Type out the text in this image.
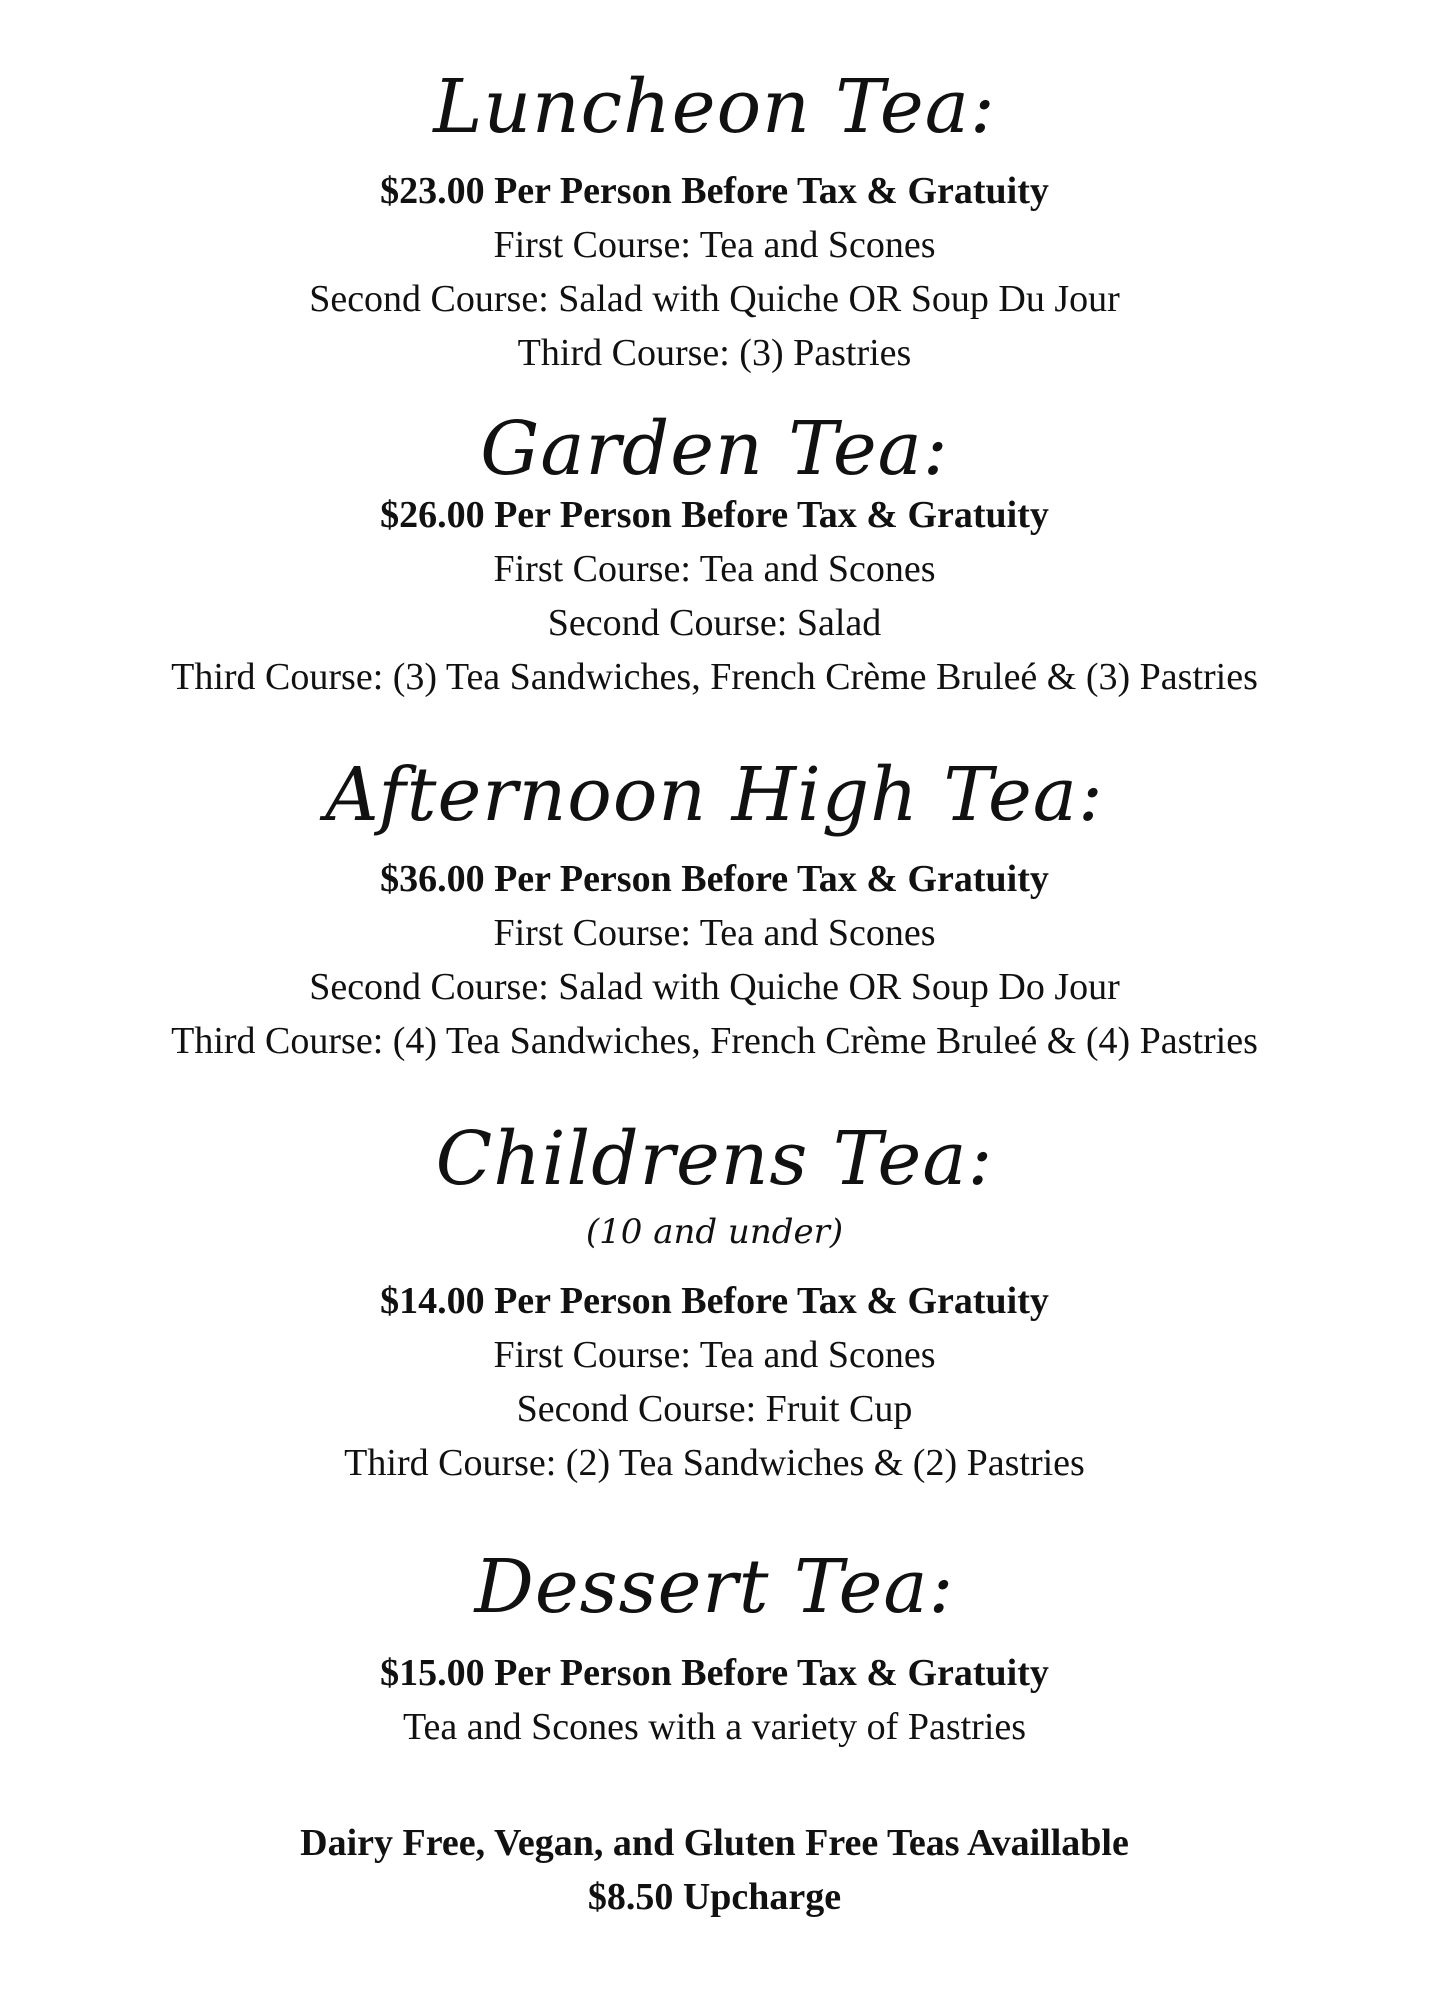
Luncheon Tea:
$23.00 Per Person Before Tax & Gratuity
First Course: Tea and Scones
Second Course: Salad with Quiche OR Soup Du Jour
Third Course: (3) Pastries
Garden Tea:
$26.00 Per Person Before Tax & Gratuity
First Course: Tea and Scones
Second Course: Salad
Third Course: (3) Tea Sandwiches, French Crème Bruleé & (3) Pastries
Afternoon High Tea:
$36.00 Per Person Before Tax & Gratuity
First Course: Tea and Scones
Second Course: Salad with Quiche OR Soup Do Jour
Third Course: (4) Tea Sandwiches, French Crème Bruleé & (4) Pastries
Childrens Tea:
(10 and under)
$14.00 Per Person Before Tax & Gratuity
First Course: Tea and Scones
Second Course: Fruit Cup
Third Course: (2) Tea Sandwiches & (2) Pastries
Dessert Tea:
$15.00 Per Person Before Tax & Gratuity
Tea and Scones with a variety of Pastries
Dairy Free, Vegan, and Gluten Free Teas Availlable
$8.50 Upcharge
